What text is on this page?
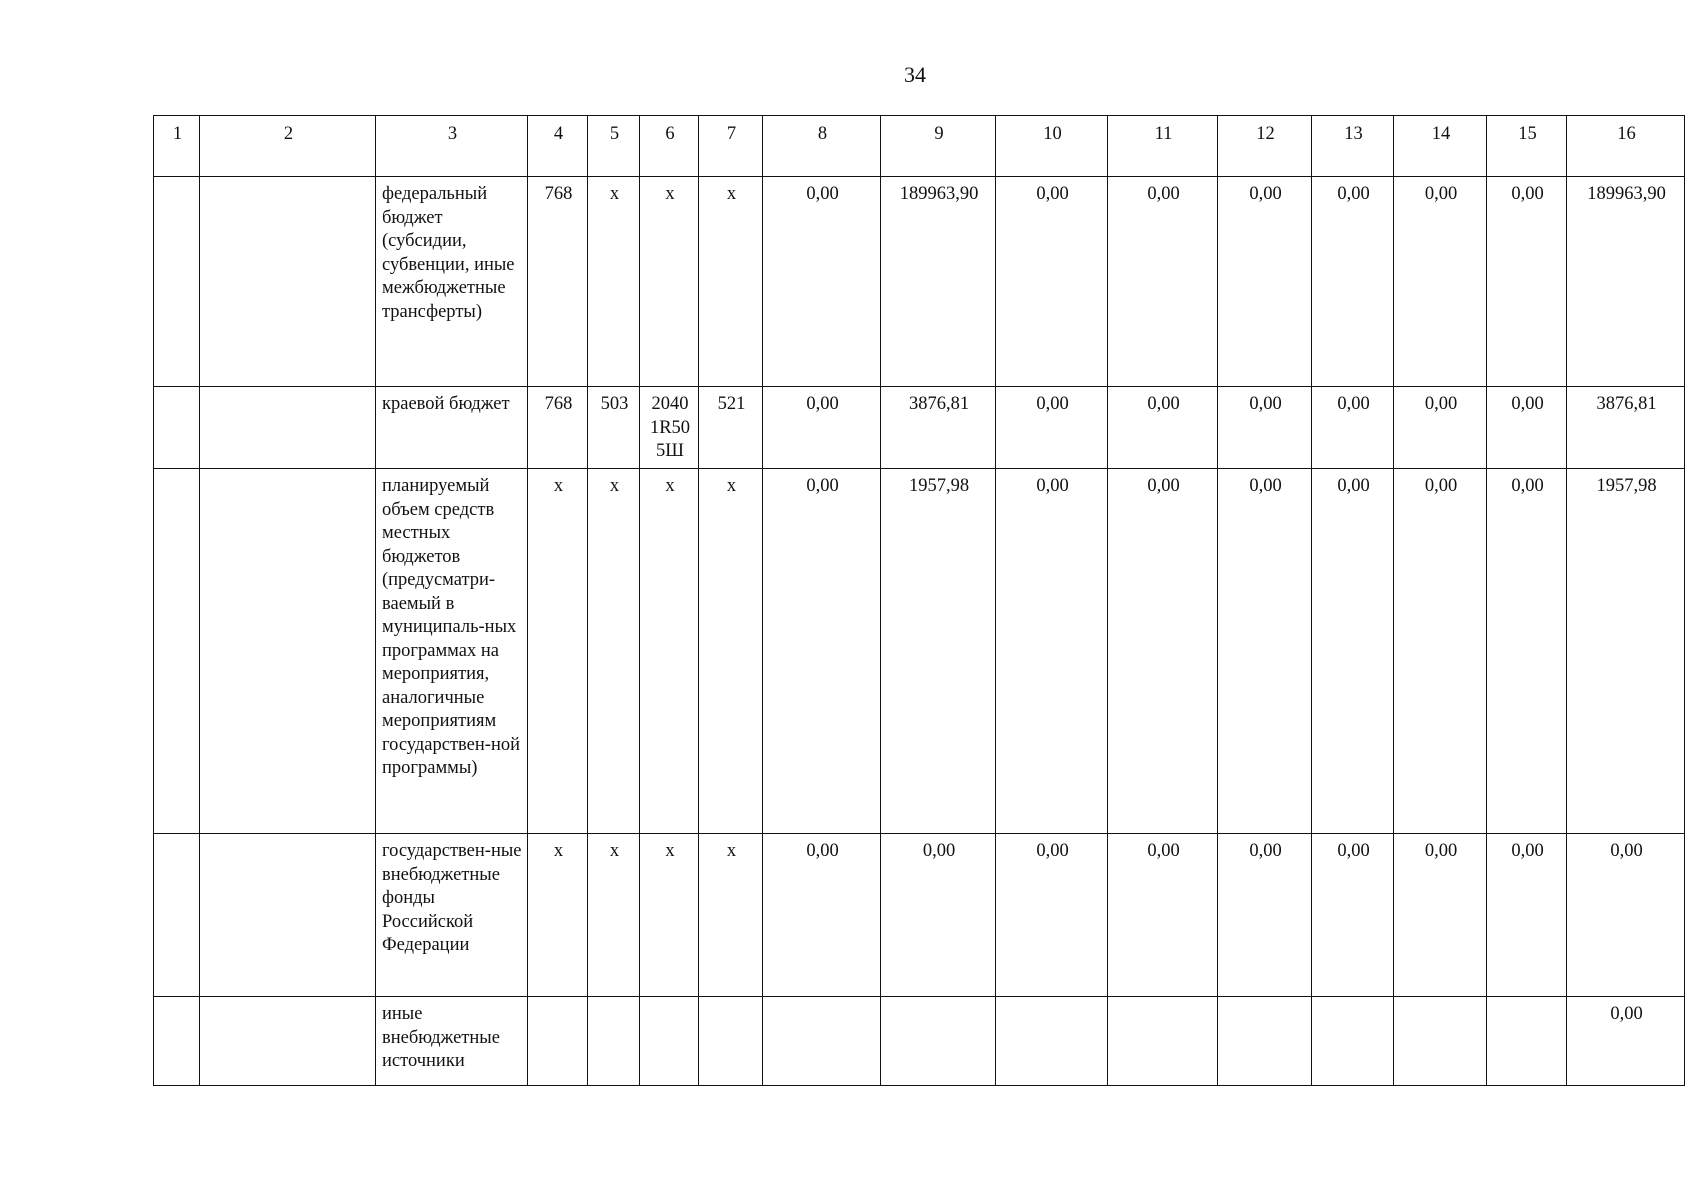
34
1	2	3	4	5	6	7	8	9	10	11	12	13	14	15	16
		федеральный бюджет (субсидии, субвенции, иные межбюджетные трансферты)	768	х	х	х	0,00	189963,90	0,00	0,00	0,00	0,00	0,00	0,00	189963,90
		краевой бюджет	768	503	2040 1R50 5Ш	521	0,00	3876,81	0,00	0,00	0,00	0,00	0,00	0,00	3876,81
		планируемый объем средств местных бюджетов (предусматри-ваемый в муниципаль-ных программах на мероприятия, аналогичные мероприятиям государствен-ной программы)	х	х	х	х	0,00	1957,98	0,00	0,00	0,00	0,00	0,00	0,00	1957,98
		государствен-ные внебюджетные фонды Российской Федерации	х	х	х	х	0,00	0,00	0,00	0,00	0,00	0,00	0,00	0,00	0,00
		иные внебюджетные источники													0,00
